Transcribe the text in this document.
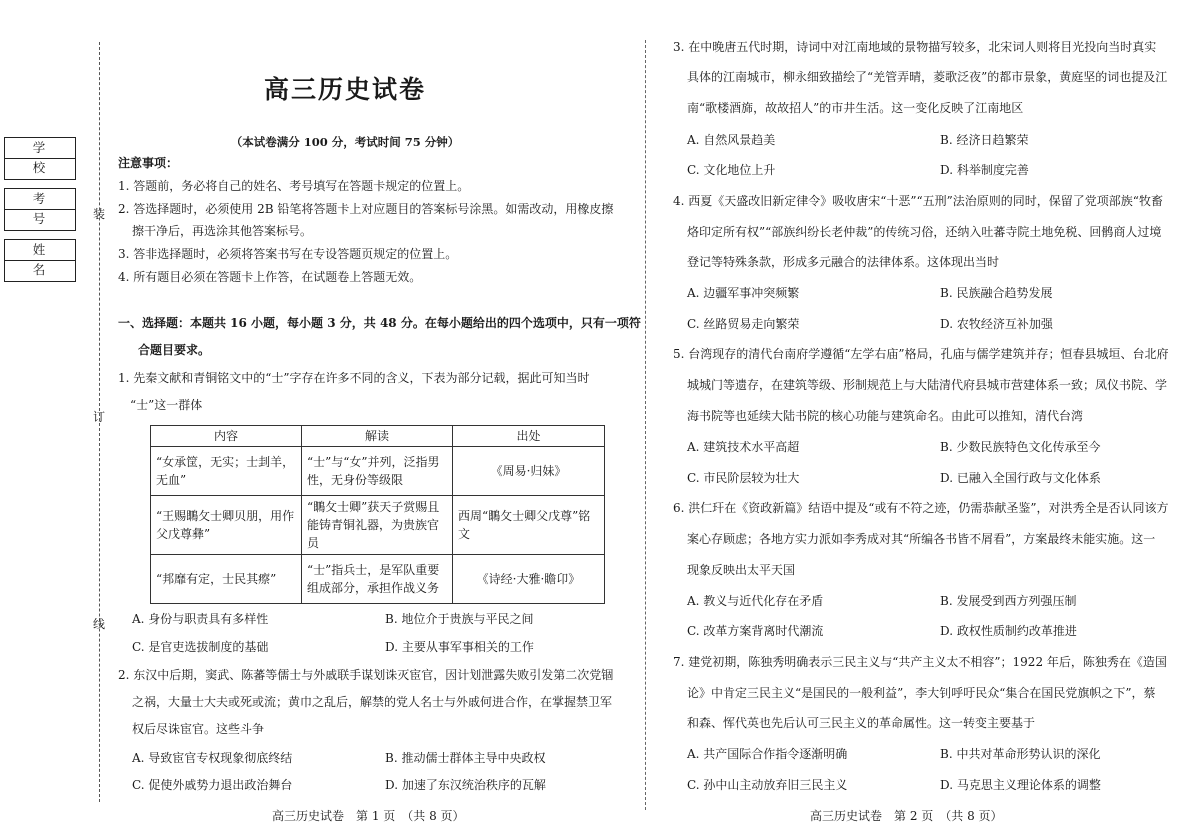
装
订
线
学 校
考 号
姓 名
高三历史试卷
（本试卷满分 100 分，考试时间 75 分钟）
注意事项：
1. 答题前，务必将自己的姓名、考号填写在答题卡规定的位置上。
2. 答选择题时，必须使用 2B 铅笔将答题卡上对应题目的答案标号涂黑。如需改动，用橡皮擦
擦干净后，再选涂其他答案标号。
3. 答非选择题时，必须将答案书写在专设答题页规定的位置上。
4. 所有题目必须在答题卡上作答，在试题卷上答题无效。
一、选择题：本题共 16 小题，每小题 3 分，共 48 分。在每小题给出的四个选项中，只有一项符
合题目要求。
1. 先秦文献和青铜铭文中的“士”字存在许多不同的含义，下表为部分记载，据此可知当时
“士”这一群体
内容	解读	出处
“女承筐，无实；士刲羊，无血”	“士”与“女”并列，泛指男性，无身份等级限	《周易·归妹》
“王赐䳭攵士卿贝朋，用作父戊尊彝”	“䳭攵士卿”获天子赏赐且能铸青铜礼器，为贵族官员	西周“䳭攵士卿父戊尊”铭文
“邦靡有定，士民其瘵”	“士”指兵士，是军队重要组成部分，承担作战义务	《诗经·大雅·瞻卬》
A. 身份与职责具有多样性	B. 地位介于贵族与平民之间
C. 是官吏选拔制度的基础	D. 主要从事军事相关的工作
2. 东汉中后期，窦武、陈蕃等儒士与外戚联手谋划诛灭宦官，因计划泄露失败引发第二次党锢
之祸，大量士大夫或死或流；黄巾之乱后，解禁的党人名士与外戚何进合作，在掌握禁卫军
权后尽诛宦官。这些斗争
A. 导致宦官专权现象彻底终结	B. 推动儒士群体主导中央政权
C. 促使外戚势力退出政治舞台	D. 加速了东汉统治秩序的瓦解
高三历史试卷　第 1 页　（共 8 页）
3. 在中晚唐五代时期，诗词中对江南地域的景物描写较多，北宋词人则将目光投向当时真实
具体的江南城市，柳永细致描绘了“羌管弄晴，菱歌泛夜”的都市景象，黄庭坚的词也提及江
南“歌楼酒旆，故故招人”的市井生活。这一变化反映了江南地区
A. 自然风景趋美	B. 经济日趋繁荣
C. 文化地位上升	D. 科举制度完善
4. 西夏《天盛改旧新定律令》吸收唐宋“十恶”“五刑”法治原则的同时，保留了党项部族“牧畜
烙印定所有权”“部族纠纷长老仲裁”的传统习俗，还纳入吐蕃寺院土地免税、回鹘商人过境
登记等特殊条款，形成多元融合的法律体系。这体现出当时
A. 边疆军事冲突频繁	B. 民族融合趋势发展
C. 丝路贸易走向繁荣	D. 农牧经济互补加强
5. 台湾现存的清代台南府学遵循“左学右庙”格局，孔庙与儒学建筑并存；恒春县城垣、台北府
城城门等遗存，在建筑等级、形制规范上与大陆清代府县城市营建体系一致；凤仪书院、学
海书院等也延续大陆书院的核心功能与建筑命名。由此可以推知，清代台湾
A. 建筑技术水平高超	B. 少数民族特色文化传承至今
C. 市民阶层较为壮大	D. 已融入全国行政与文化体系
6. 洪仁玕在《资政新篇》结语中提及“或有不符之迹，仍需恭献圣鉴”，对洪秀全是否认同该方
案心存顾虑；各地方实力派如李秀成对其“所编各书皆不屑看”，方案最终未能实施。这一
现象反映出太平天国
A. 教义与近代化存在矛盾	B. 发展受到西方列强压制
C. 改革方案背离时代潮流	D. 政权性质制约改革推进
7. 建党初期，陈独秀明确表示三民主义与“共产主义太不相容”；1922 年后，陈独秀在《造国
论》中肯定三民主义“是国民的一般利益”，李大钊呼吁民众“集合在国民党旗帜之下”，蔡
和森、恽代英也先后认可三民主义的革命属性。这一转变主要基于
A. 共产国际合作指令逐渐明确	B. 中共对革命形势认识的深化
C. 孙中山主动放弃旧三民主义	D. 马克思主义理论体系的调整
高三历史试卷　第 2 页　（共 8 页）
